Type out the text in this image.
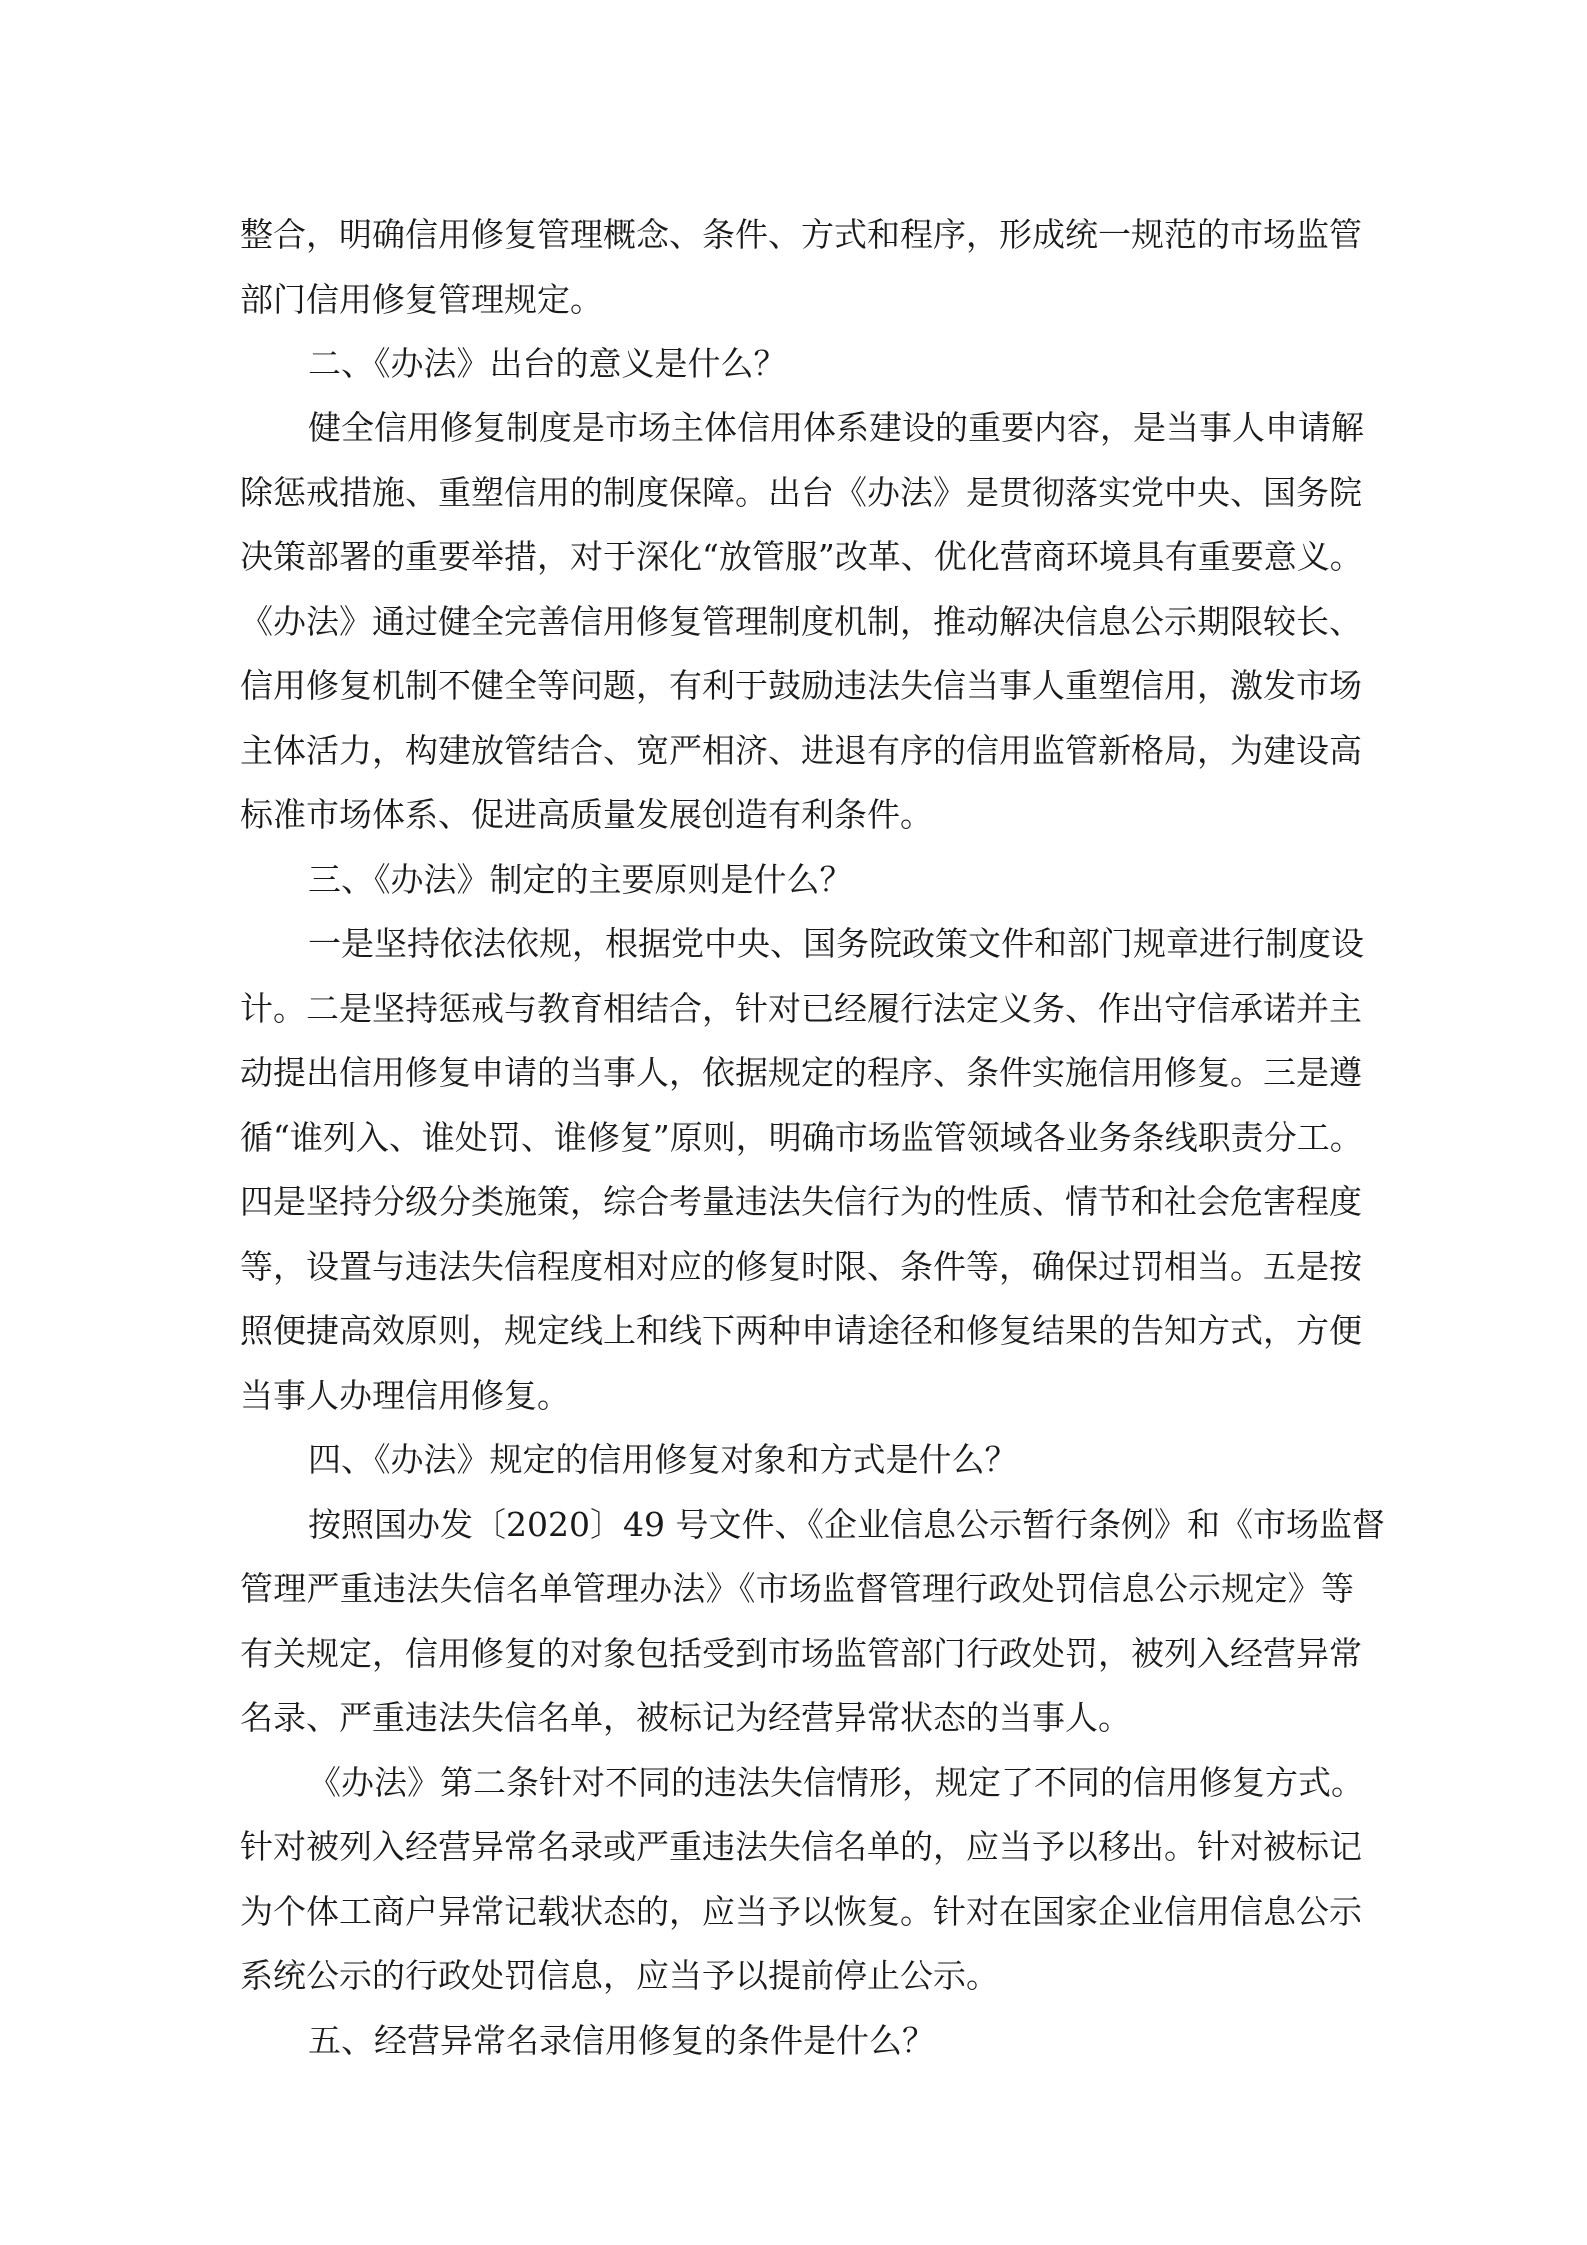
整合，明确信用修复管理概念、条件、方式和程序，形成统一规范的市场监管
部门信用修复管理规定。
二、《办法》出台的意义是什么？
健全信用修复制度是市场主体信用体系建设的重要内容，是当事人申请解
除惩戒措施、重塑信用的制度保障。出台《办法》是贯彻落实党中央、国务院
决策部署的重要举措，对于深化“放管服”改革、优化营商环境具有重要意义。
《办法》通过健全完善信用修复管理制度机制，推动解决信息公示期限较长、
信用修复机制不健全等问题，有利于鼓励违法失信当事人重塑信用，激发市场
主体活力，构建放管结合、宽严相济、进退有序的信用监管新格局，为建设高
标准市场体系、促进高质量发展创造有利条件。
三、《办法》制定的主要原则是什么？
一是坚持依法依规，根据党中央、国务院政策文件和部门规章进行制度设
计。二是坚持惩戒与教育相结合，针对已经履行法定义务、作出守信承诺并主
动提出信用修复申请的当事人，依据规定的程序、条件实施信用修复。三是遵
循“谁列入、谁处罚、谁修复”原则，明确市场监管领域各业务条线职责分工。
四是坚持分级分类施策，综合考量违法失信行为的性质、情节和社会危害程度
等，设置与违法失信程度相对应的修复时限、条件等，确保过罚相当。五是按
照便捷高效原则，规定线上和线下两种申请途径和修复结果的告知方式，方便
当事人办理信用修复。
四、《办法》规定的信用修复对象和方式是什么？
按照国办发〔2020〕49 号文件、《企业信息公示暂行条例》和《市场监督
管理严重违法失信名单管理办法》《市场监督管理行政处罚信息公示规定》等
有关规定，信用修复的对象包括受到市场监管部门行政处罚，被列入经营异常
名录、严重违法失信名单，被标记为经营异常状态的当事人。
《办法》第二条针对不同的违法失信情形，规定了不同的信用修复方式。
针对被列入经营异常名录或严重违法失信名单的，应当予以移出。针对被标记
为个体工商户异常记载状态的，应当予以恢复。针对在国家企业信用信息公示
系统公示的行政处罚信息，应当予以提前停止公示。
五、经营异常名录信用修复的条件是什么？
